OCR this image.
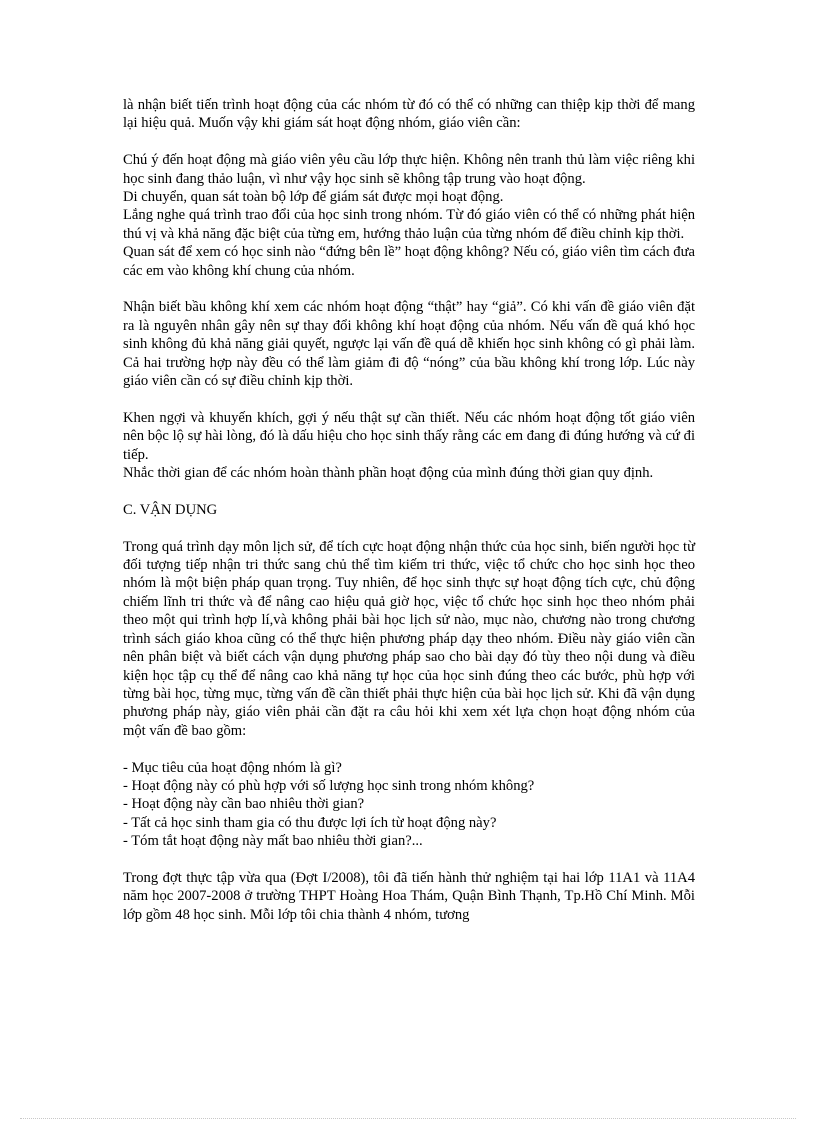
là nhận biết tiến trình hoạt động của các nhóm từ đó có thể có những can thiệp kịp thời để mang lại hiệu quả. Muốn vậy khi giám sát hoạt động nhóm, giáo viên cần:

Chú ý đến hoạt động mà giáo viên yêu cầu lớp thực hiện. Không nên tranh thủ làm việc riêng khi học sinh đang thảo luận, vì như vậy học sinh sẽ không tập trung vào hoạt động.

Di chuyển, quan sát toàn bộ lớp để giám sát được mọi hoạt động.

Lắng nghe quá trình trao đổi của học sinh trong nhóm. Từ đó giáo viên có thể có những phát hiện thú vị và khả năng đặc biệt của từng em, hướng thảo luận của từng nhóm để điều chỉnh kịp thời.

Quan sát để xem có học sinh nào “đứng bên lề” hoạt động không? Nếu có, giáo viên tìm cách đưa các em vào không khí chung của nhóm.

Nhận biết bầu không khí xem các nhóm hoạt động “thật” hay “giả”. Có khi vấn đề giáo viên đặt ra là nguyên nhân gây nên sự thay đổi không khí hoạt động của nhóm. Nếu vấn đề quá khó học sinh không đủ khả năng giải quyết, ngược lại vấn đề quá dễ khiến học sinh không có gì phải làm. Cả hai trường hợp này đều có thể làm giảm đi độ “nóng” của bầu không khí trong lớp. Lúc này giáo viên cần có sự điều chỉnh kịp thời.

Khen ngợi và khuyến khích, gợi ý nếu thật sự cần thiết. Nếu các nhóm hoạt động tốt giáo viên nên bộc lộ sự hài lòng, đó là dấu hiệu cho học sinh thấy rằng các em đang đi đúng hướng và cứ đi tiếp.

Nhắc thời gian để các nhóm hoàn thành phần hoạt động của mình đúng thời gian quy định.

C. VẬN DỤNG

Trong quá trình dạy môn lịch sử, để tích cực hoạt động nhận thức của học sinh, biến người học từ đối tượng tiếp nhận tri thức sang chủ thể tìm kiếm tri thức, việc tổ chức cho học sinh học theo nhóm là một biện pháp quan trọng. Tuy nhiên, để học sinh thực sự hoạt động tích cực, chủ động chiếm lĩnh tri thức và để nâng cao hiệu quả giờ học, việc tổ chức học sinh học theo nhóm phải theo một qui trình hợp lí,và không phải bài học lịch sử nào, mục nào, chương nào trong chương trình sách giáo khoa cũng có thể thực hiện phương pháp dạy theo nhóm. Điều này giáo viên cần nên phân biệt và biết cách vận dụng phương pháp sao cho bài dạy đó tùy theo nội dung và điều kiện học tập cụ thể để nâng cao khả năng tự học của học sinh đúng theo các bước, phù hợp với từng bài học, từng mục, từng vấn đề cần thiết phải thực hiện của bài học lịch sử. Khi đã vận dụng phương pháp này, giáo viên phải cần đặt ra câu hỏi khi xem xét lựa chọn hoạt động nhóm của một vấn đề bao gồm:

- Mục tiêu của hoạt động nhóm là gì?

- Hoạt động này có phù hợp với số lượng học sinh trong nhóm không?

- Hoạt động này cần bao nhiêu thời gian?

- Tất cả học sinh tham gia có thu được lợi ích từ hoạt động này?

- Tóm tắt hoạt động này mất bao nhiêu thời gian?...

Trong đợt thực tập vừa qua (Đợt I/2008), tôi đã tiến hành thử nghiệm tại hai lớp 11A1 và 11A4 năm học 2007-2008 ở trường THPT Hoàng Hoa Thám, Quận Bình Thạnh, Tp.Hồ Chí Minh. Mỗi lớp gồm 48 học sinh. Mỗi lớp tôi chia thành 4 nhóm, tương
